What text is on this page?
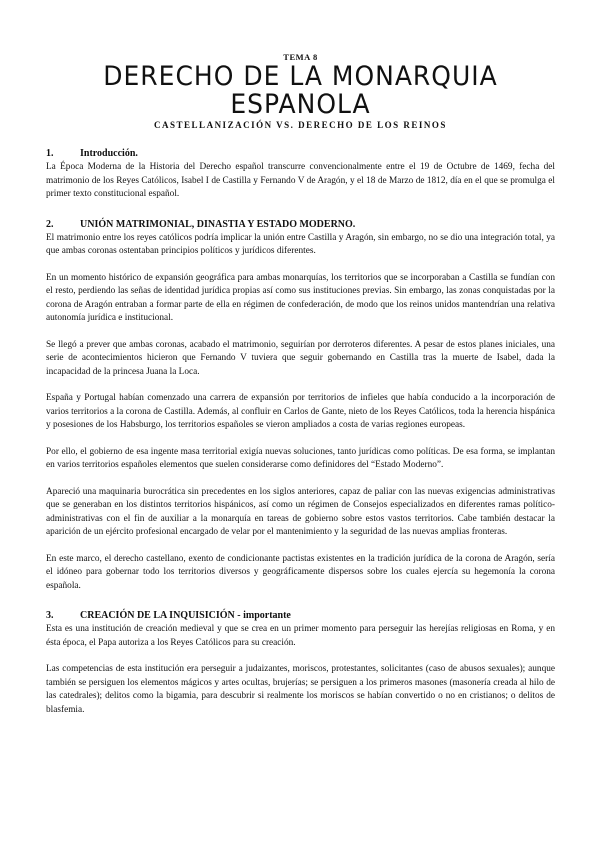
TEMA 8
DERECHO DE LA MONARQUIA ESPANOLA
CASTELLANIZACIÓN VS. DERECHO DE LOS REINOS
1.	Introducción.

La Época Moderna de la Historia del Derecho español transcurre convencionalmente entre el 19 de Octubre de 1469, fecha del matrimonio de los Reyes Católicos, Isabel I de Castilla y Fernando V de Aragón, y el 18 de Marzo de 1812, día en el que se promulga el primer texto constitucional español.

2.	UNIÓN MATRIMONIAL, DINASTIA Y ESTADO MODERNO.

El matrimonio entre los reyes católicos podría implicar la unión entre Castilla y Aragón, sin embargo, no se dio una integración total, ya que ambas coronas ostentaban principios políticos y jurídicos diferentes.

En un momento histórico de expansión geográfica para ambas monarquías, los territorios que se incorporaban a Castilla se fundían con el resto, perdiendo las señas de identidad jurídica propias así como sus instituciones previas. Sin embargo, las zonas conquistadas por la corona de Aragón entraban a formar parte de ella en régimen de confederación, de modo que los reinos unidos mantendrían una relativa autonomía jurídica e institucional.

Se llegó a prever que ambas coronas, acabado el matrimonio, seguirían por derroteros diferentes. A pesar de estos planes iniciales, una serie de acontecimientos hicieron que Fernando V tuviera que seguir gobernando en Castilla tras la muerte de Isabel, dada la incapacidad de la princesa Juana la Loca.

España y Portugal habían comenzado una carrera de expansión por territorios de infieles que había conducido a la incorporación de varios territorios a la corona de Castilla. Además, al confluir en Carlos de Gante, nieto de los Reyes Católicos, toda la herencia hispánica y posesiones de los Habsburgo, los territorios españoles se vieron ampliados a costa de varias regiones europeas.

Por ello, el gobierno de esa ingente masa territorial exigía nuevas soluciones, tanto jurídicas como políticas. De esa forma, se implantan en varios territorios españoles elementos que suelen considerarse como definidores del “Estado Moderno”.

Apareció una maquinaria burocrática sin precedentes en los siglos anteriores, capaz de paliar con las nuevas exigencias administrativas que se generaban en los distintos territorios hispánicos, así como un régimen de Consejos especializados en diferentes ramas político-administrativas con el fin de auxiliar a la monarquía en tareas de gobierno sobre estos vastos territorios. Cabe también destacar la aparición de un ejército profesional encargado de velar por el mantenimiento y la seguridad de las nuevas amplias fronteras.

En este marco, el derecho castellano, exento de condicionante pactistas existentes en la tradición jurídica de la corona de Aragón, sería el idóneo para gobernar todo los territorios diversos y geográficamente dispersos sobre los cuales ejercía su hegemonía la corona española.

3.	CREACIÓN DE LA INQUISICIÓN - importante

Esta es una institución de creación medieval y que se crea en un primer momento para perseguir las herejías religiosas en Roma, y en ésta época, el Papa autoriza a los Reyes Católicos para su creación.

Las competencias de esta institución era perseguir a judaizantes, moriscos, protestantes, solicitantes (caso de abusos sexuales); aunque también se persiguen los elementos mágicos y artes ocultas, brujerías; se persiguen a los primeros masones (masonería creada al hilo de las catedrales); delitos como la bigamia, para descubrir si realmente los moriscos se habían convertido o no en cristianos; o delitos de blasfemia.
